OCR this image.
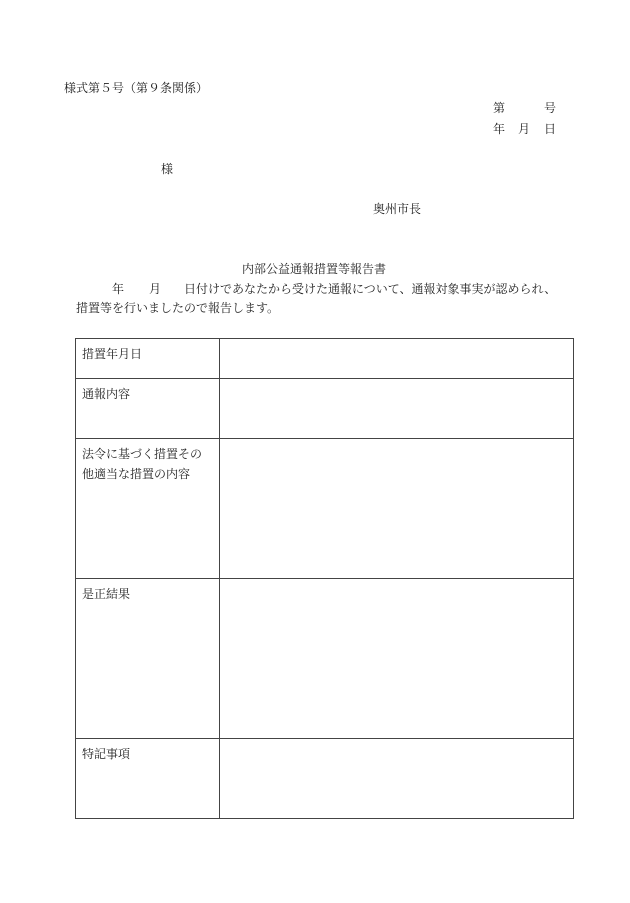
様式第５号（第９条関係）
第	号
年 月 日
様
奥州市長
内部公益通報措置等報告書
年 月 日付けであなたから受けた通報について、通報対象事実が認められ、
措置等を行いましたので報告します。
措置年月日	

通報内容	

法令に基づく措置その
他適当な措置の内容	

是正結果	

特記事項	
